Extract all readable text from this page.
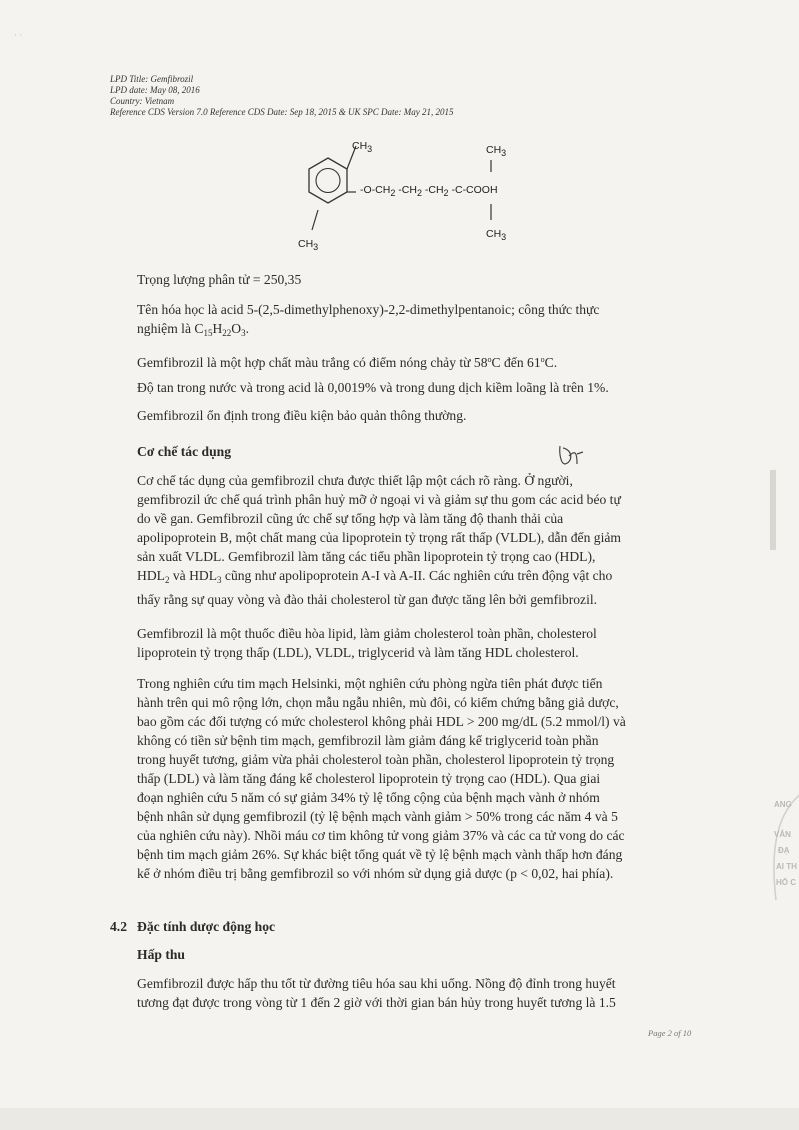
· ·
LPD Title: Gemfibrozil
LPD date: May 08, 2016
Country: Vietnam
Reference CDS Version 7.0 Reference CDS Date: Sep 18, 2015 & UK SPC Date: May 21, 2015
CH3
CH3
CH3
CH3
-O-CH2 -CH2 -CH2 -C-COOH
Trọng lượng phân tử = 250,35
Tên hóa học là acid 5-(2,5-dimethylphenoxy)-2,2-dimethylpentanoic; công thức thực
nghiệm là $C_{15}H_{22}O_3$.
Gemfibrozil là một hợp chất màu trắng có điểm nóng chảy từ 58$^o$C đến 61$^o$C.
Độ tan trong nước và trong acid là 0,0019% và trong dung dịch kiềm loãng là trên 1%.
Gemfibrozil ổn định trong điều kiện bảo quản thông thường.
Cơ chế tác dụng
Cơ chế tác dụng của gemfibrozil chưa được thiết lập một cách rõ ràng. Ở người,
gemfibrozil ức chế quá trình phân huỷ mỡ ở ngoại vi và giảm sự thu gom các acid béo tự
do về gan. Gemfibrozil cũng ức chế sự tổng hợp và làm tăng độ thanh thải của
apolipoprotein B, một chất mang của lipoprotein tỷ trọng rất thấp (VLDL), dẫn đến giảm
sản xuất VLDL. Gemfibrozil làm tăng các tiểu phần lipoprotein tỷ trọng cao (HDL),
$HDL_2$ và $HDL_3$ cũng như apolipoprotein A-I và A-II. Các nghiên cứu trên động vật cho
thấy rằng sự quay vòng và đào thải cholesterol từ gan được tăng lên bởi gemfibrozil.
Gemfibrozil là một thuốc điều hòa lipid, làm giảm cholesterol toàn phần, cholesterol
lipoprotein tỷ trọng thấp (LDL), VLDL, triglycerid và làm tăng HDL cholesterol.
Trong nghiên cứu tim mạch Helsinki, một nghiên cứu phòng ngừa tiên phát được tiến
hành trên qui mô rộng lớn, chọn mẫu ngẫu nhiên, mù đôi, có kiểm chứng bằng giả dược,
bao gồm các đối tượng có mức cholesterol không phải HDL > 200 mg/dL (5.2 mmol/l) và
không có tiền sử bệnh tim mạch, gemfibrozil làm giảm đáng kể triglycerid toàn phần
trong huyết tương, giảm vừa phải cholesterol toàn phần, cholesterol lipoprotein tỷ trọng
thấp (LDL) và làm tăng đáng kể cholesterol lipoprotein tỷ trọng cao (HDL). Qua giai
đoạn nghiên cứu 5 năm có sự giảm 34% tỷ lệ tổng cộng của bệnh mạch vành ở nhóm
bệnh nhân sử dụng gemfibrozil (tỷ lệ bệnh mạch vành giảm > 50% trong các năm 4 và 5
của nghiên cứu này). Nhồi máu cơ tim không tử vong giảm 37% và các ca tử vong do các
bệnh tim mạch giảm 26%. Sự khác biệt tổng quát về tỷ lệ bệnh mạch vành thấp hơn đáng
kể ở nhóm điều trị bằng gemfibrozil so với nhóm sử dụng giả dược (p < 0,02, hai phía).
4.2 Đặc tính dược động học
Hấp thu
Gemfibrozil được hấp thu tốt từ đường tiêu hóa sau khi uống. Nồng độ đỉnh trong huyết
tương đạt được trong vòng từ 1 đến 2 giờ với thời gian bán hủy trong huyết tương là 1.5
Page 2 of 10
ANG
VĂN
ĐẠ
AI TH
HỐ C
